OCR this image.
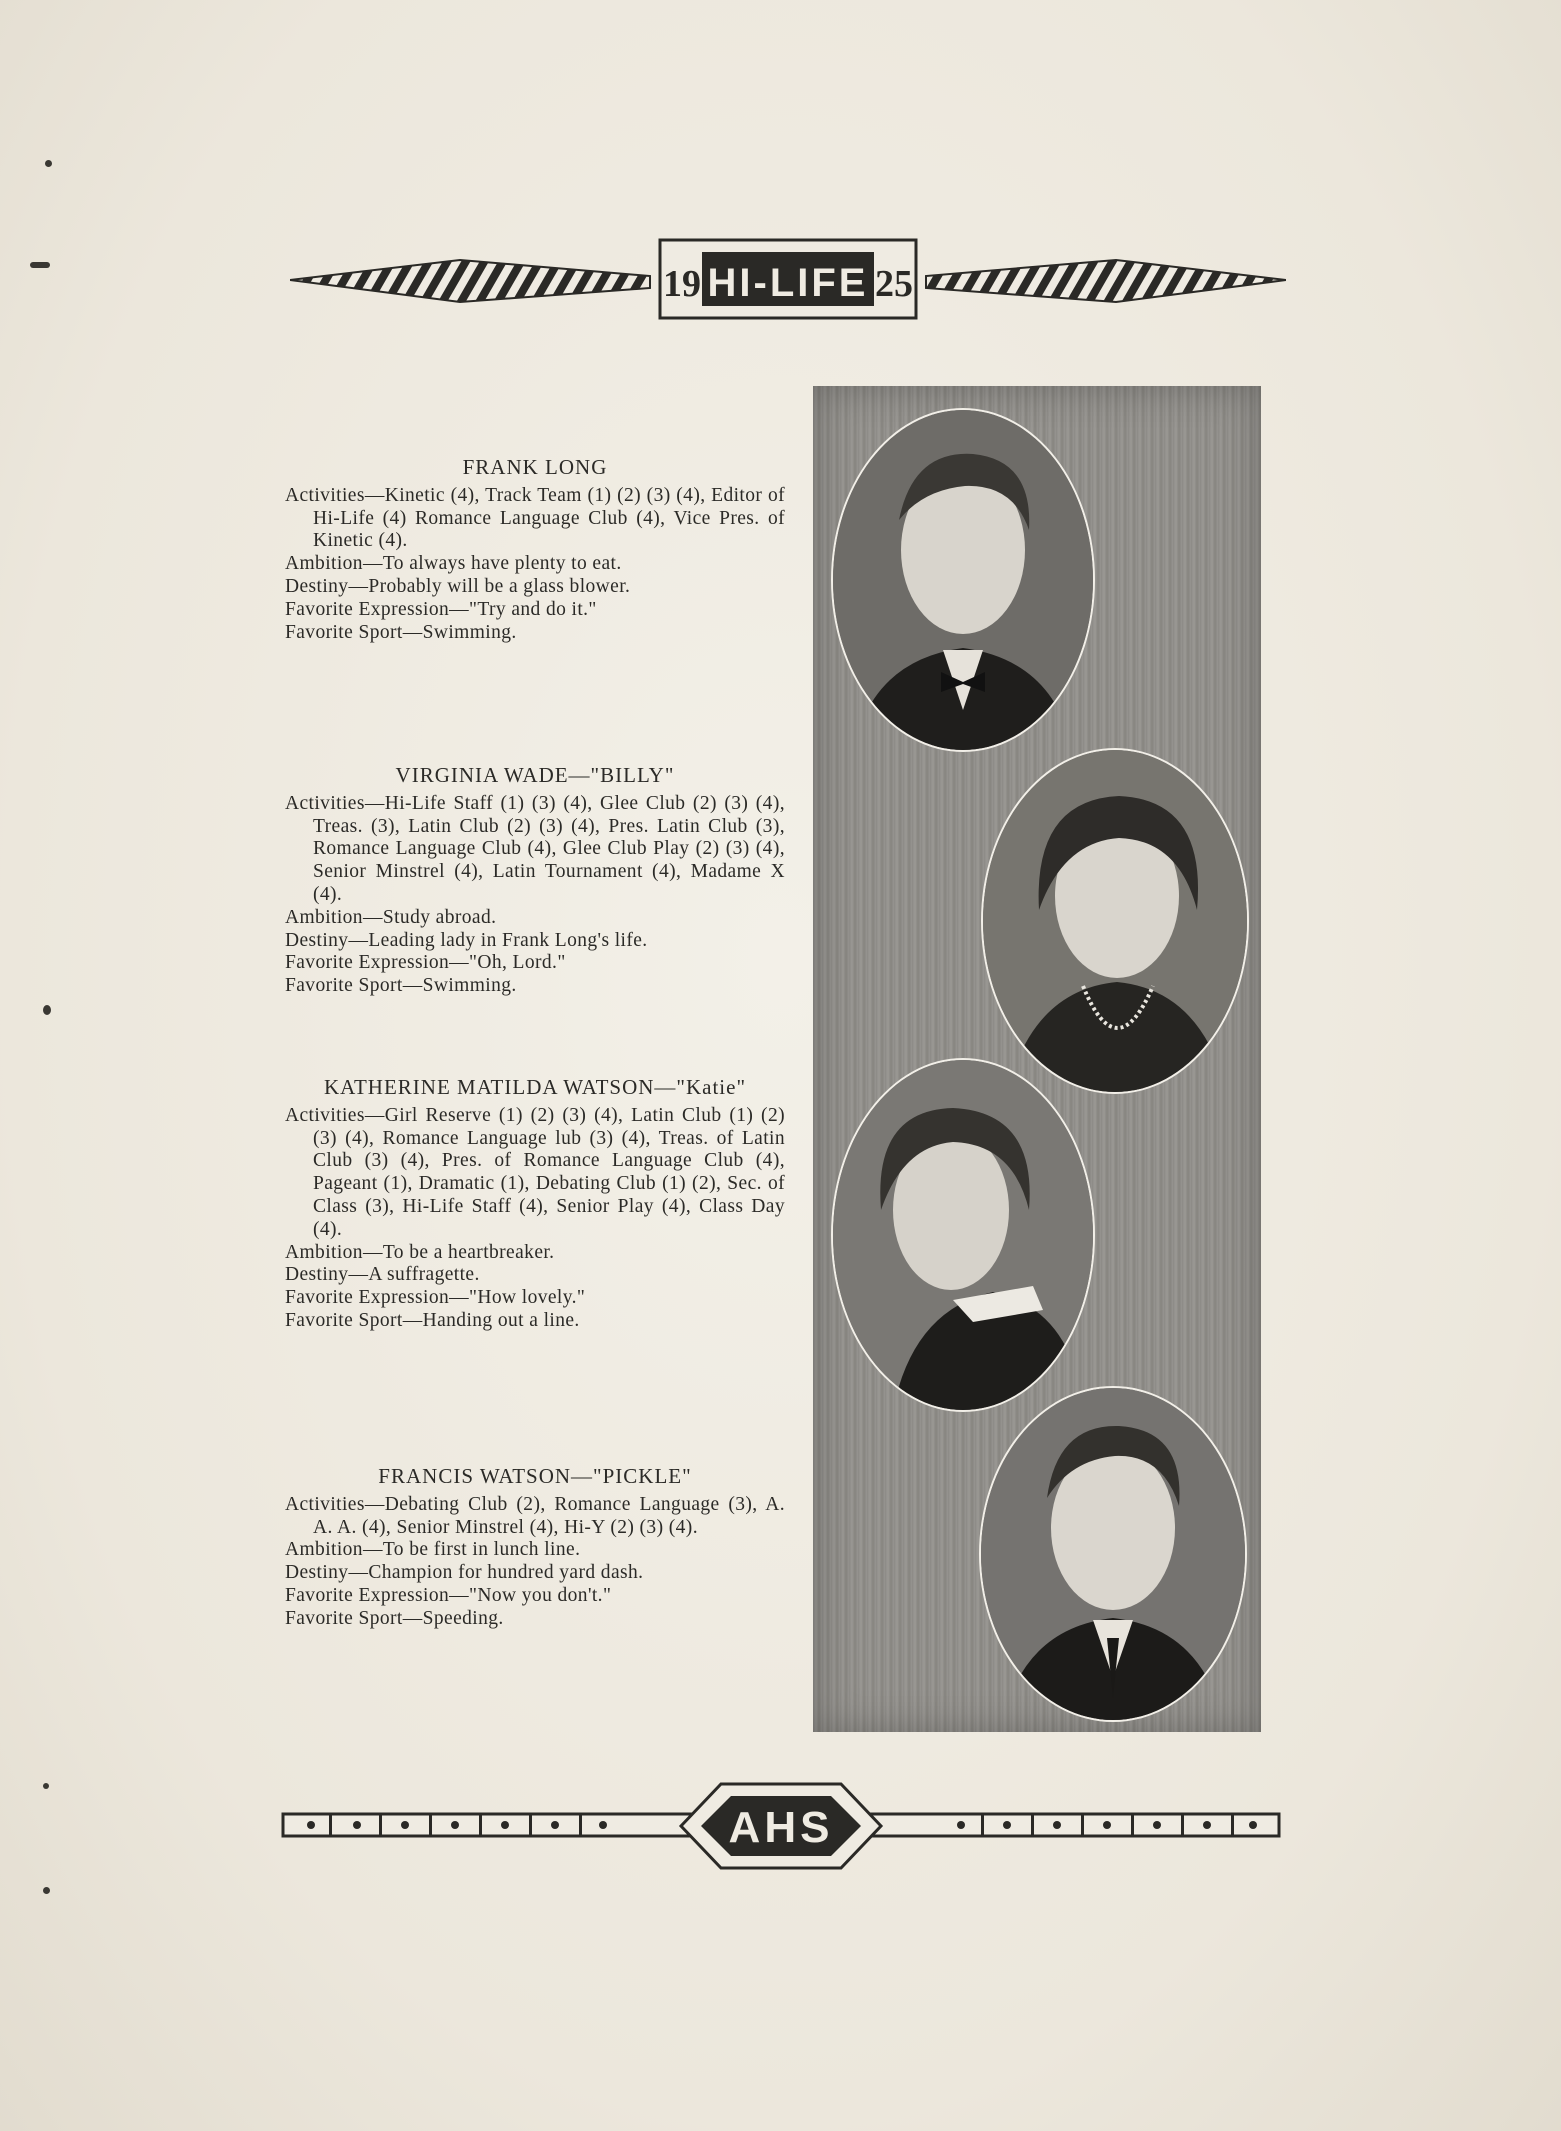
19 HI-LIFE 25
FRANK LONG
Activities—Kinetic (4), Track Team (1) (2) (3) (4), Editor of Hi-Life (4) Romance Language Club (4), Vice Pres. of Kinetic (4).
Ambition—To always have plenty to eat.
Destiny—Probably will be a glass blower.
Favorite Expression—"Try and do it."
Favorite Sport—Swimming.
VIRGINIA WADE—"BILLY"
Activities—Hi-Life Staff (1) (3) (4), Glee Club (2) (3) (4), Treas. (3), Latin Club (2) (3) (4), Pres. Latin Club (3), Romance Language Club (4), Glee Club Play (2) (3) (4), Senior Minstrel (4), Latin Tournament (4), Madame X (4).
Ambition—Study abroad.
Destiny—Leading lady in Frank Long's life.
Favorite Expression—"Oh, Lord."
Favorite Sport—Swimming.
KATHERINE MATILDA WATSON—"Katie"
Activities—Girl Reserve (1) (2) (3) (4), Latin Club (1) (2) (3) (4), Romance Language lub (3) (4), Treas. of Latin Club (3) (4), Pres. of Romance Language Club (4), Pageant (1), Dramatic (1), Debating Club (1) (2), Sec. of Class (3), Hi-Life Staff (4), Senior Play (4), Class Day (4).
Ambition—To be a heartbreaker.
Destiny—A suffragette.
Favorite Expression—"How lovely."
Favorite Sport—Handing out a line.
FRANCIS WATSON—"PICKLE"
Activities—Debating Club (2), Romance Language (3), A. A. A. (4), Senior Minstrel (4), Hi-Y (2) (3) (4).
Ambition—To be first in lunch line.
Destiny—Champion for hundred yard dash.
Favorite Expression—"Now you don't."
Favorite Sport—Speeding.
AHS
